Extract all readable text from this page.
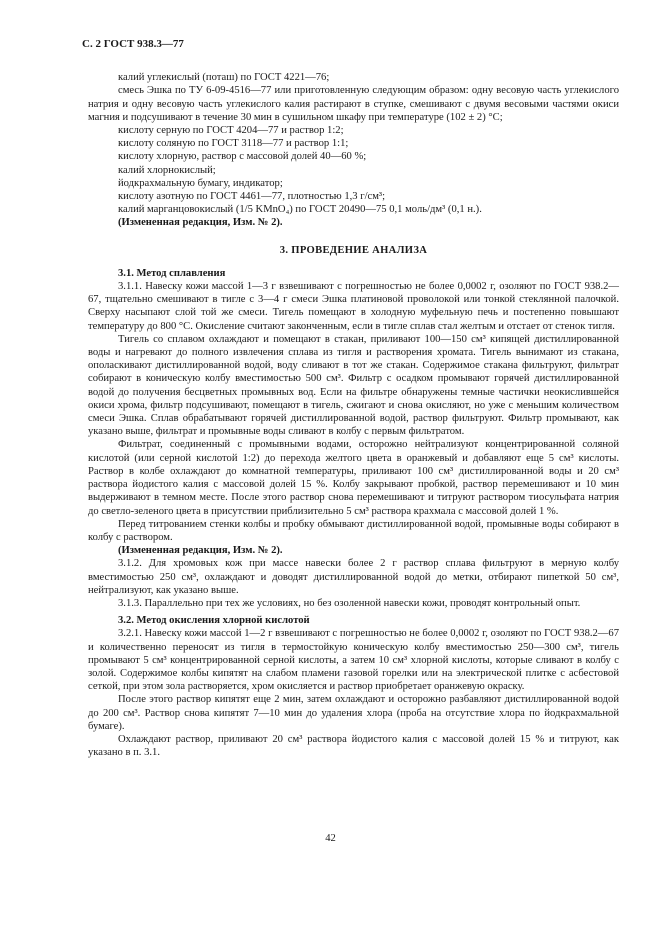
С. 2 ГОСТ 938.3—77

калий углекислый (поташ) по ГОСТ 4221—76;

смесь Эшка по ТУ 6-09-4516—77 или приготовленную следующим образом: одну весовую часть углекислого натрия и одну весовую часть углекислого калия растирают в ступке, смешивают с двумя весовыми частями окиси магния и подсушивают в течение 30 мин в сушильном шкафу при температуре (102 ± 2) °С;

кислоту серную по ГОСТ 4204—77 и раствор 1:2;

кислоту соляную по ГОСТ 3118—77 и раствор 1:1;

кислоту хлорную, раствор с массовой долей 40—60 %;

калий хлорнокислый;

йодкрахмальную бумагу, индикатор;

кислоту азотную по ГОСТ 4461—77, плотностью 1,3 г/см³;

калий марганцовокислый (1/5 KMnO₄) по ГОСТ 20490—75 0,1 моль/дм³ (0,1 н.).

(Измененная редакция, Изм. № 2).

3. ПРОВЕДЕНИЕ АНАЛИЗА

3.1. Метод сплавления

3.1.1. Навеску кожи массой 1—3 г взвешивают с погрешностью не более 0,0002 г, озоляют по ГОСТ 938.2—67, тщательно смешивают в тигле с 3—4 г смеси Эшка платиновой проволокой или тонкой стеклянной палочкой. Сверху насыпают слой той же смеси. Тигель помещают в холодную муфельную печь и постепенно повышают температуру до 800 °С. Окисление считают законченным, если в тигле сплав стал желтым и отстает от стенок тигля.

Тигель со сплавом охлаждают и помещают в стакан, приливают 100—150 см³ кипящей дистиллированной воды и нагревают до полного извлечения сплава из тигля и растворения хромата. Тигель вынимают из стакана, ополаскивают дистиллированной водой, воду сливают в тот же стакан. Содержимое стакана фильтруют, фильтрат собирают в коническую колбу вместимостью 500 см³. Фильтр с осадком промывают горячей дистиллированной водой до получения бесцветных промывных вод. Если на фильтре обнаружены темные частички неокислившейся окиси хрома, фильтр подсушивают, помещают в тигель, сжигают и снова окисляют, но уже с меньшим количеством смеси Эшка. Сплав обрабатывают горячей дистиллированной водой, раствор фильтруют. Фильтр промывают, как указано выше, фильтрат и промывные воды сливают в колбу с первым фильтратом.

Фильтрат, соединенный с промывными водами, осторожно нейтрализуют концентрированной соляной кислотой (или серной кислотой 1:2) до перехода желтого цвета в оранжевый и добавляют еще 5 см³ кислоты. Раствор в колбе охлаждают до комнатной температуры, приливают 100 см³ дистиллированной воды и 20 см³ раствора йодистого калия с массовой долей 15 %. Колбу закрывают пробкой, раствор перемешивают и 10 мин выдерживают в темном месте. После этого раствор снова перемешивают и титруют раствором тиосульфата натрия до светло-зеленого цвета в присутствии приблизительно 5 см³ раствора крахмала с массовой долей 1 %.

Перед титрованием стенки колбы и пробку обмывают дистиллированной водой, промывные воды собирают в колбу с раствором.

(Измененная редакция, Изм. № 2).

3.1.2. Для хромовых кож при массе навески более 2 г раствор сплава фильтруют в мерную колбу вместимостью 250 см³, охлаждают и доводят дистиллированной водой до метки, отбирают пипеткой 50 см³, нейтрализуют, как указано выше.

3.1.3. Параллельно при тех же условиях, но без озоленной навески кожи, проводят контрольный опыт.

3.2. Метод окисления хлорной кислотой

3.2.1. Навеску кожи массой 1—2 г взвешивают с погрешностью не более 0,0002 г, озоляют по ГОСТ 938.2—67 и количественно переносят из тигля в термостойкую коническую колбу вместимостью 250—300 см³, тигель промывают 5 см³ концентрированной серной кислоты, а затем 10 см³ хлорной кислоты, которые сливают в колбу с золой. Содержимое колбы кипятят на слабом пламени газовой горелки или на электрической плитке с асбестовой сеткой, при этом зола растворяется, хром окисляется и раствор приобретает оранжевую окраску.

После этого раствор кипятят еще 2 мин, затем охлаждают и осторожно разбавляют дистиллированной водой до 200 см³. Раствор снова кипятят 7—10 мин до удаления хлора (проба на отсутствие хлора по йодкрахмальной бумаге).

Охлаждают раствор, приливают 20 см³ раствора йодистого калия с массовой долей 15 % и титруют, как указано в п. 3.1.

42
